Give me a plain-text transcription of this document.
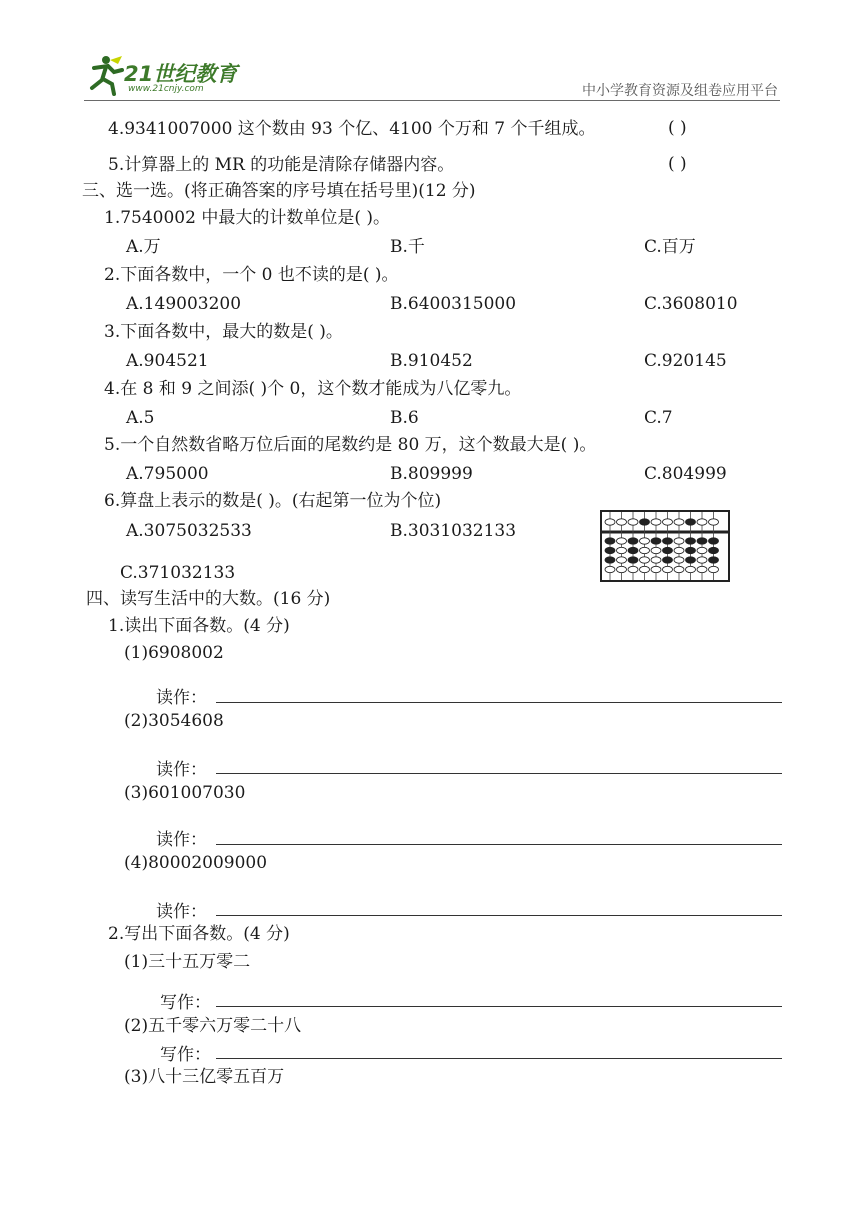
21世纪教育
www.21cnjy.com	中小学教育资源及组卷应用平台
4.9341007000 这个数由 93 个亿、4100 个万和 7 个千组成。	( )
5.计算器上的 MR 的功能是清除存储器内容。	( )
三、选一选。(将正确答案的序号填在括号里)(12 分)
1.7540002 中最大的计数单位是( )。
A.万	B.千	C.百万
2.下面各数中，一个 0 也不读的是( )。
A.149003200	B.6400315000	C.3608010
3.下面各数中，最大的数是( )。
A.904521	B.910452	C.920145
4.在 8 和 9 之间添( )个 0，这个数才能成为八亿零九。
A.5	B.6	C.7
5.一个自然数省略万位后面的尾数约是 80 万，这个数最大是( )。
A.795000	B.809999	C.804999
6.算盘上表示的数是( )。(右起第一位为个位)
A.3075032533	B.3031032133
C.371032133
四、读写生活中的大数。(16 分)
1.读出下面各数。(4 分)
(1)6908002
读作：
(2)3054608
读作：
(3)601007030
读作：
(4)80002009000
读作：
2.写出下面各数。(4 分)
(1)三十五万零二
写作：
(2)五千零六万零二十八
写作：
(3)八十三亿零五百万
